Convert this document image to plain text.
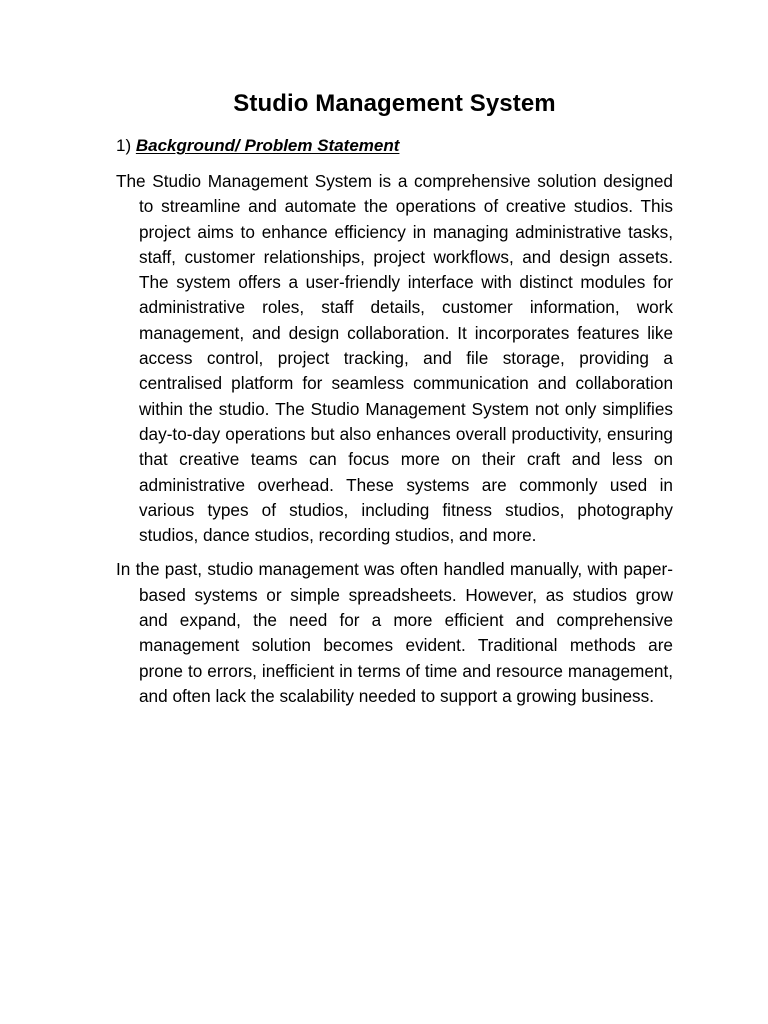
Studio Management System

1) Background/ Problem Statement

The Studio Management System is a comprehensive solution designed to streamline and automate the operations of creative studios. This project aims to enhance efficiency in managing administrative tasks, staff, customer relationships, project workflows, and design assets. The system offers a user-friendly interface with distinct modules for administrative roles, staff details, customer information, work management, and design collaboration. It incorporates features like access control, project tracking, and file storage, providing a centralised platform for seamless communication and collaboration within the studio. The Studio Management System not only simplifies day-to-day operations but also enhances overall productivity, ensuring that creative teams can focus more on their craft and less on administrative overhead. These systems are commonly used in various types of studios, including fitness studios, photography studios, dance studios, recording studios, and more.

In the past, studio management was often handled manually, with paper-based systems or simple spreadsheets. However, as studios grow and expand, the need for a more efficient and comprehensive management solution becomes evident. Traditional methods are prone to errors, inefficient in terms of time and resource management, and often lack the scalability needed to support a growing business.
